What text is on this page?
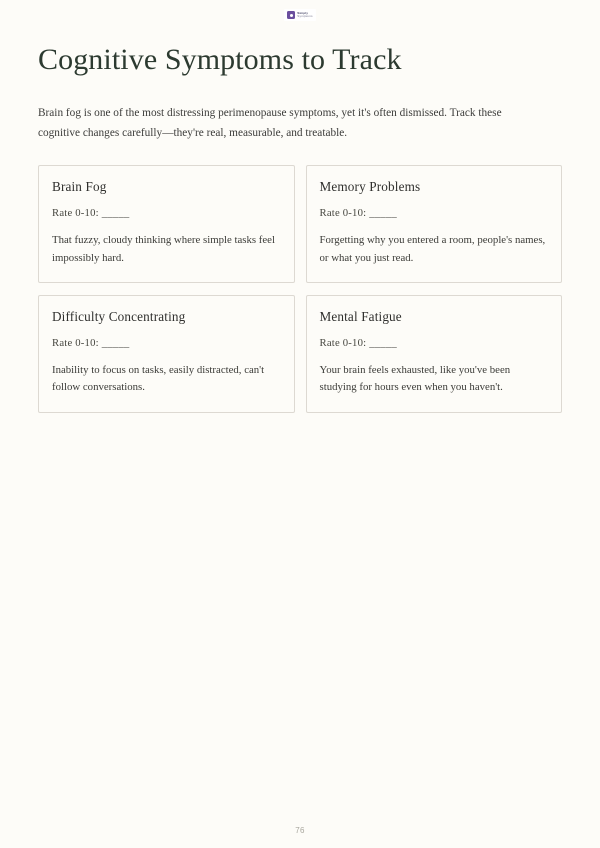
Simply
Symptoms
Cognitive Symptoms to Track

Brain fog is one of the most distressing perimenopause symptoms, yet it's often dismissed. Track these cognitive changes carefully—they're real, measurable, and treatable.

Brain Fog

Rate 0-10: _____

That fuzzy, cloudy thinking where simple tasks feel impossibly hard.

Memory Problems

Rate 0-10: _____

Forgetting why you entered a room, people's names, or what you just read.

Difficulty Concentrating

Rate 0-10: _____

Inability to focus on tasks, easily distracted, can't follow conversations.

Mental Fatigue

Rate 0-10: _____

Your brain feels exhausted, like you've been studying for hours even when you haven't.

76
